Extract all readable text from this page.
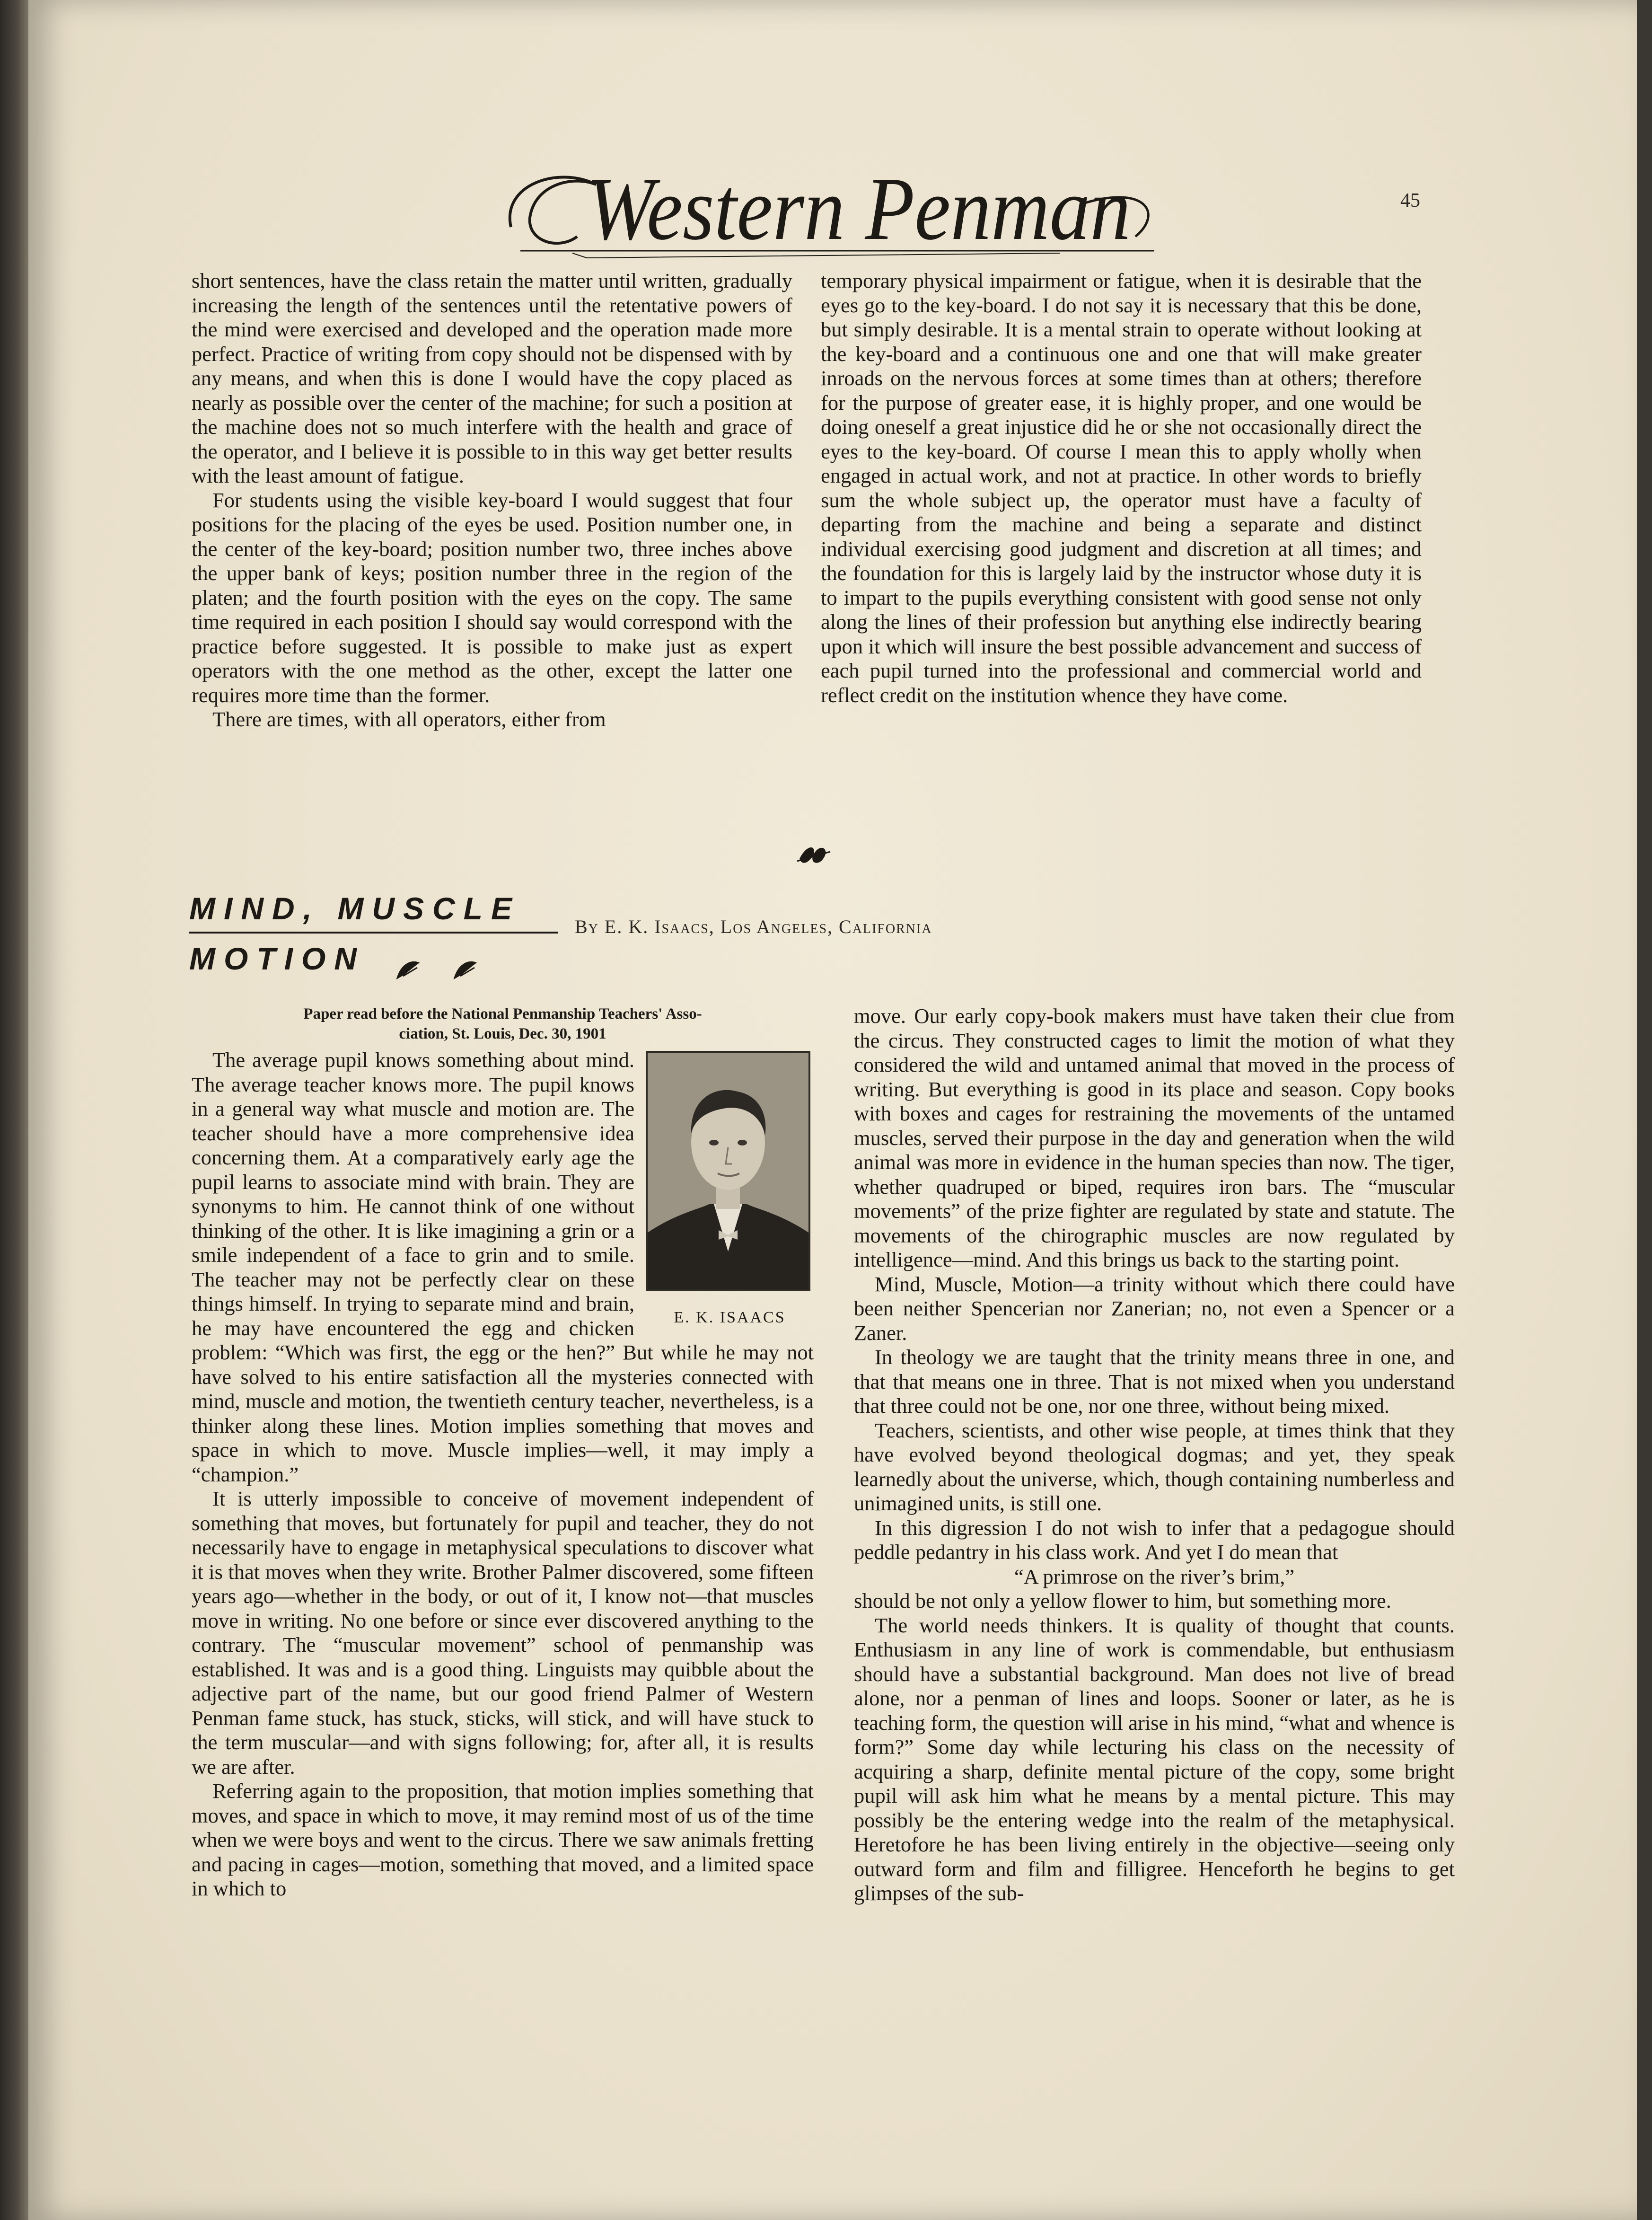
Western Penman	45

short sentences, have the class retain the matter until written, gradually increasing the length of the sentences until the retentative powers of the mind were exercised and developed and the operation made more perfect. Practice of writing from copy should not be dispensed with by any means, and when this is done I would have the copy placed as nearly as possible over the center of the machine; for such a position at the machine does not so much interfere with the health and grace of the operator, and I believe it is possible to in this way get better results with the least amount of fatigue.

For students using the visible key-board I would suggest that four positions for the placing of the eyes be used. Position number one, in the center of the key-board; position number two, three inches above the upper bank of keys; position number three in the region of the platen; and the fourth position with the eyes on the copy. The same time required in each position I should say would correspond with the practice before suggested. It is possible to make just as expert operators with the one method as the other, except the latter one requires more time than the former.

There are times, with all operators, either from

temporary physical impairment or fatigue, when it is desirable that the eyes go to the key-board. I do not say it is necessary that this be done, but simply desirable. It is a mental strain to operate without looking at the key-board and a continuous one and one that will make greater inroads on the nervous forces at some times than at others; therefore for the purpose of greater ease, it is highly proper, and one would be doing oneself a great injustice did he or she not occasionally direct the eyes to the key-board. Of course I mean this to apply wholly when engaged in actual work, and not at practice. In other words to briefly sum the whole subject up, the operator must have a faculty of departing from the machine and being a separate and distinct individual exercising good judgment and discretion at all times; and the foundation for this is largely laid by the instructor whose duty it is to impart to the pupils everything consistent with good sense not only along the lines of their profession but anything else indirectly bearing upon it which will insure the best possible advancement and success of each pupil turned into the professional and commercial world and reflect credit on the institution whence they have come.

MIND, MUSCLE
MOTION
By E. K. Isaacs, Los Angeles, California
Paper read before the National Penmanship Teachers' Asso-
ciation, St. Louis, Dec. 30, 1901
E. K. ISAACS

The average pupil knows something about mind. The average teacher knows more. The pupil knows in a general way what muscle and motion are. The teacher should have a more comprehensive idea concerning them. At a comparatively early age the pupil learns to associate mind with brain. They are synonyms to him. He cannot think of one without thinking of the other. It is like imagining a grin or a smile independent of a face to grin and to smile. The teacher may not be perfectly clear on these things himself. In trying to separate mind and brain, he may have encountered the egg and chicken problem: “Which was first, the egg or the hen?” But while he may not have solved to his entire satisfaction all the mysteries connected with mind, muscle and motion, the twentieth century teacher, nevertheless, is a thinker along these lines. Motion implies something that moves and space in which to move. Muscle implies—well, it may imply a “champion.”

It is utterly impossible to conceive of movement independent of something that moves, but fortunately for pupil and teacher, they do not necessarily have to engage in metaphysical speculations to discover what it is that moves when they write. Brother Palmer discovered, some fifteen years ago—whether in the body, or out of it, I know not—that muscles move in writing. No one before or since ever discovered anything to the contrary. The “muscular movement” school of penmanship was established. It was and is a good thing. Linguists may quibble about the adjective part of the name, but our good friend Palmer of Western Penman fame stuck, has stuck, sticks, will stick, and will have stuck to the term muscular—and with signs following; for, after all, it is results we are after.

Referring again to the proposition, that motion implies something that moves, and space in which to move, it may remind most of us of the time when we were boys and went to the circus. There we saw animals fretting and pacing in cages—motion, something that moved, and a limited space in which to

move. Our early copy-book makers must have taken their clue from the circus. They constructed cages to limit the motion of what they considered the wild and untamed animal that moved in the process of writing. But everything is good in its place and season. Copy books with boxes and cages for restraining the movements of the untamed muscles, served their purpose in the day and generation when the wild animal was more in evidence in the human species than now. The tiger, whether quadruped or biped, requires iron bars. The “muscular movements” of the prize fighter are regulated by state and statute. The movements of the chirographic muscles are now regulated by intelligence—mind. And this brings us back to the starting point.

Mind, Muscle, Motion—a trinity without which there could have been neither Spencerian nor Zanerian; no, not even a Spencer or a Zaner.

In theology we are taught that the trinity means three in one, and that that means one in three. That is not mixed when you understand that three could not be one, nor one three, without being mixed.

Teachers, scientists, and other wise people, at times think that they have evolved beyond theological dogmas; and yet, they speak learnedly about the universe, which, though containing numberless and unimagined units, is still one.

In this digression I do not wish to infer that a pedagogue should peddle pedantry in his class work. And yet I do mean that

“A primrose on the river’s brim,”

should be not only a yellow flower to him, but something more.

The world needs thinkers. It is quality of thought that counts. Enthusiasm in any line of work is commendable, but enthusiasm should have a substantial background. Man does not live of bread alone, nor a penman of lines and loops. Sooner or later, as he is teaching form, the question will arise in his mind, “what and whence is form?” Some day while lecturing his class on the necessity of acquiring a sharp, definite mental picture of the copy, some bright pupil will ask him what he means by a mental picture. This may possibly be the entering wedge into the realm of the metaphysical. Heretofore he has been living entirely in the objective—seeing only outward form and film and filligree. Henceforth he begins to get glimpses of the sub-
